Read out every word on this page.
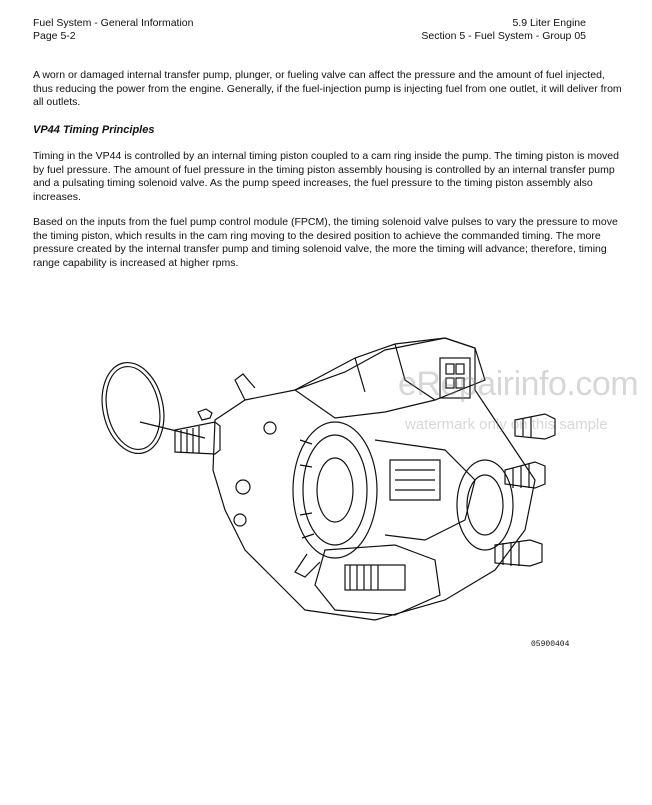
Fuel System - General Information
Page 5-2
5.9 Liter Engine
Section 5 - Fuel System - Group 05
A worn or damaged internal transfer pump, plunger, or fueling valve can affect the pressure and the amount of fuel injected, thus reducing the power from the engine. Generally, if the fuel-injection pump is injecting fuel from one outlet, it will deliver from all outlets.
VP44 Timing Principles
Timing in the VP44 is controlled by an internal timing piston coupled to a cam ring inside the pump. The timing piston is moved by fuel pressure. The amount of fuel pressure in the timing piston assembly housing is controlled by an internal transfer pump and a pulsating timing solenoid valve. As the pump speed increases, the fuel pressure to the timing piston assembly also increases.
Based on the inputs from the fuel pump control module (FPCM), the timing solenoid valve pulses to vary the pressure to move the timing piston, which results in the cam ring moving to the desired position to achieve the commanded timing. The more pressure created by the internal transfer pump and timing solenoid valve, the more the timing will advance; therefore, timing range capability is increased at higher rpms.
05900404
eRepairinfo.com
watermark only on this sample
